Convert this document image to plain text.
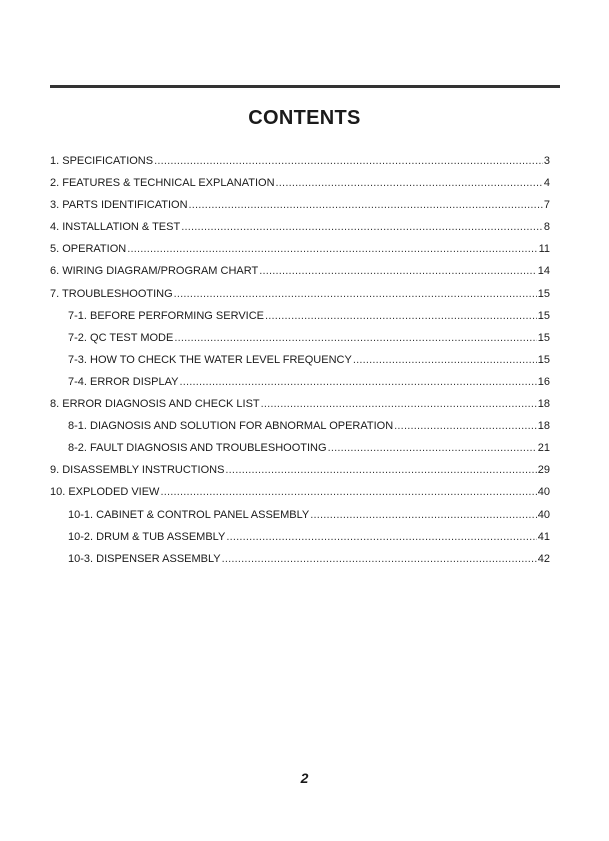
CONTENTS
1. SPECIFICATIONS .....	3
2. FEATURES & TECHNICAL EXPLANATION .....	4
3. PARTS IDENTIFICATION .....	7
4. INSTALLATION & TEST .....	8
5. OPERATION .....	11
6. WIRING DIAGRAM/PROGRAM CHART .....	14
7. TROUBLESHOOTING .....	15
7-1. BEFORE PERFORMING SERVICE .....	15
7-2. QC TEST MODE .....	15
7-3. HOW TO CHECK THE WATER LEVEL FREQUENCY .....	15
7-4. ERROR DISPLAY .....	16
8. ERROR DIAGNOSIS AND CHECK LIST .....	18
8-1. DIAGNOSIS AND SOLUTION FOR ABNORMAL OPERATION .....	18
8-2. FAULT DIAGNOSIS AND TROUBLESHOOTING .....	21
9. DISASSEMBLY INSTRUCTIONS .....	29
10. EXPLODED VIEW .....	40
10-1. CABINET & CONTROL PANEL ASSEMBLY .....	40
10-2. DRUM & TUB ASSEMBLY .....	41
10-3. DISPENSER ASSEMBLY .....	42
2
